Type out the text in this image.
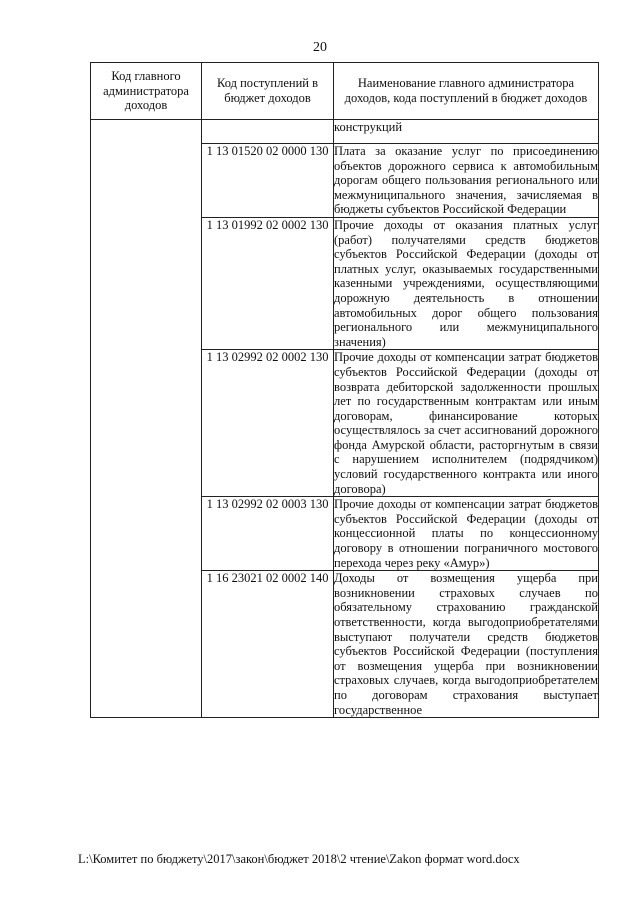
20
Код главного администратора доходов	Код поступлений в бюджет доходов	Наименование главного администратора доходов, кода поступлений в бюджет доходов

		конструкций
	1 13 01520 02 0000 130	Плата за оказание услуг по присоединению объектов дорожного сервиса к автомобильным дорогам общего пользования регионального или межмуниципального значения, зачисляемая в бюджеты субъектов Российской Федерации
	1 13 01992 02 0002 130	Прочие доходы от оказания платных услуг (работ) получателями средств бюджетов субъектов Российской Федерации (доходы от платных услуг, оказываемых государственными казенными учреждениями, осуществляющими дорожную деятельность в отношении автомобильных дорог общего пользования регионального или межмуниципального значения)
	1 13 02992 02 0002 130	Прочие доходы от компенсации затрат бюджетов субъектов Российской Федерации (доходы от возврата дебиторской задолженности прошлых лет по государственным контрактам или иным договорам, финансирование которых осуществлялось за счет ассигнований дорожного фонда Амурской области, расторгнутым в связи с нарушением исполнителем (подрядчиком) условий государственного контракта или иного договора)
	1 13 02992 02 0003 130	Прочие доходы от компенсации затрат бюджетов субъектов Российской Федерации (доходы от концессионной платы по концессионному договору в отношении пограничного мостового перехода через реку «Амур»)
	1 16 23021 02 0002 140	Доходы от возмещения ущерба при возникновении страховых случаев по обязательному страхованию гражданской ответственности, когда выгодоприобретателями выступают получатели средств бюджетов субъектов Российской Федерации (поступления от возмещения ущерба при возникновении страховых случаев, когда выгодоприобретателем по договорам страхования выступает государственное
L:\Комитет по бюджету\2017\закон\бюджет 2018\2 чтение\Zakon формат word.docx
